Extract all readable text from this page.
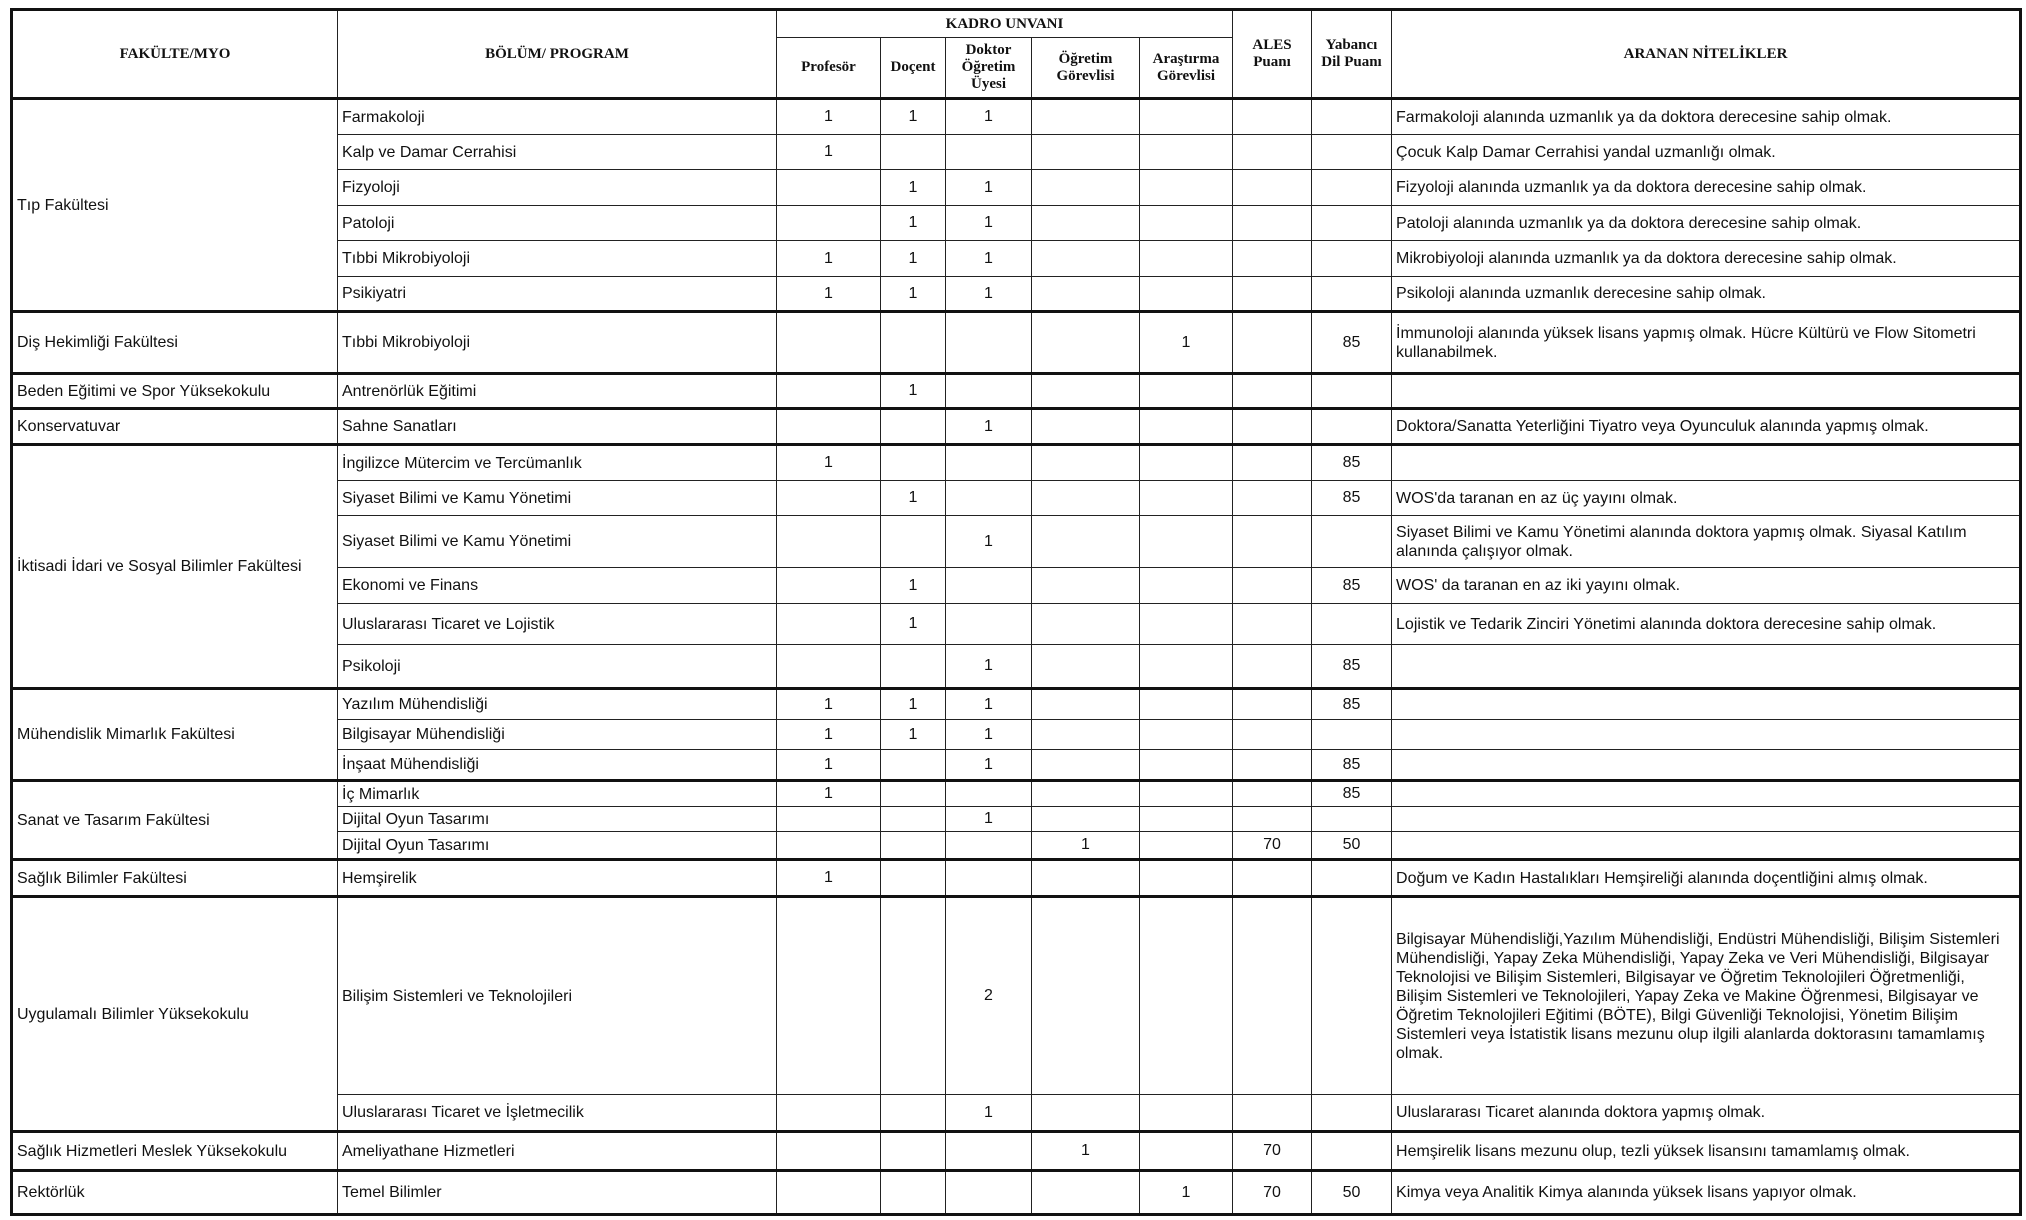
FAKÜLTE/MYO	BÖLÜM/ PROGRAM	KADRO UNVANI					ALES Puanı	Yabancı Dil Puanı	ARANAN NİTELİKLER
		Profesör	Doçent	Doktor Öğretim Üyesi	Öğretim Görevlisi	Araştırma Görevlisi			
Tıp Fakültesi	Farmakoloji	1	1	1					Farmakoloji alanında uzmanlık ya da doktora derecesine sahip olmak.
	Kalp ve Damar Cerrahisi	1							Çocuk Kalp Damar Cerrahisi yandal uzmanlığı olmak.
	Fizyoloji		1	1					Fizyoloji alanında uzmanlık ya da doktora derecesine sahip olmak.
	Patoloji		1	1					Patoloji alanında uzmanlık ya da doktora derecesine sahip olmak.
	Tıbbi Mikrobiyoloji	1	1	1					Mikrobiyoloji alanında uzmanlık ya da doktora derecesine sahip olmak.
	Psikiyatri	1	1	1					Psikoloji alanında uzmanlık derecesine sahip olmak.
Diş Hekimliği Fakültesi	Tıbbi Mikrobiyoloji					1		85	İmmunoloji alanında yüksek lisans yapmış olmak. Hücre Kültürü ve Flow Sitometri kullanabilmek.
Beden Eğitimi ve Spor Yüksekokulu	Antrenörlük Eğitimi		1						
Konservatuvar	Sahne Sanatları			1					Doktora/Sanatta Yeterliğini Tiyatro veya Oyunculuk alanında yapmış olmak.
İktisadi İdari ve Sosyal Bilimler Fakültesi	İngilizce Mütercim ve Tercümanlık	1						85	
	Siyaset Bilimi ve Kamu Yönetimi		1					85	WOS'da taranan en az üç yayını olmak.
	Siyaset Bilimi ve Kamu Yönetimi			1					Siyaset Bilimi ve Kamu Yönetimi alanında doktora yapmış olmak. Siyasal Katılım alanında çalışıyor olmak.
	Ekonomi ve Finans		1					85	WOS' da taranan en az iki yayını olmak.
	Uluslararası Ticaret ve Lojistik		1						Lojistik ve Tedarik Zinciri Yönetimi alanında doktora derecesine sahip olmak.
	Psikoloji			1				85	
Mühendislik Mimarlık Fakültesi	Yazılım Mühendisliği	1	1	1				85	
	Bilgisayar Mühendisliği	1	1	1					
	İnşaat Mühendisliği	1		1				85	
Sanat ve Tasarım Fakültesi	İç Mimarlık	1						85	
	Dijital Oyun Tasarımı			1					
	Dijital Oyun Tasarımı				1		70	50	
Sağlık Bilimler Fakültesi	Hemşirelik	1							Doğum ve Kadın Hastalıkları Hemşireliği alanında doçentliğini almış olmak.
Uygulamalı Bilimler Yüksekokulu	Bilişim Sistemleri ve Teknolojileri			2					Bilgisayar Mühendisliği,Yazılım Mühendisliği, Endüstri Mühendisliği, Bilişim Sistemleri Mühendisliği, Yapay Zeka Mühendisliği, Yapay Zeka ve Veri Mühendisliği, Bilgisayar Teknolojisi ve Bilişim Sistemleri, Bilgisayar ve Öğretim Teknolojileri Öğretmenliği, Bilişim Sistemleri ve Teknolojileri, Yapay Zeka ve Makine Öğrenmesi, Bilgisayar ve Öğretim Teknolojileri Eğitimi (BÖTE), Bilgi Güvenliği Teknolojisi, Yönetim Bilişim Sistemleri veya İstatistik lisans mezunu olup ilgili alanlarda doktorasını tamamlamış olmak.
	Uluslararası Ticaret ve İşletmecilik			1					Uluslararası Ticaret alanında doktora yapmış olmak.
Sağlık Hizmetleri Meslek Yüksekokulu	Ameliyathane Hizmetleri				1		70		Hemşirelik lisans mezunu olup, tezli yüksek lisansını tamamlamış olmak.
Rektörlük	Temel Bilimler					1	70	50	Kimya veya Analitik Kimya alanında yüksek lisans yapıyor olmak.
